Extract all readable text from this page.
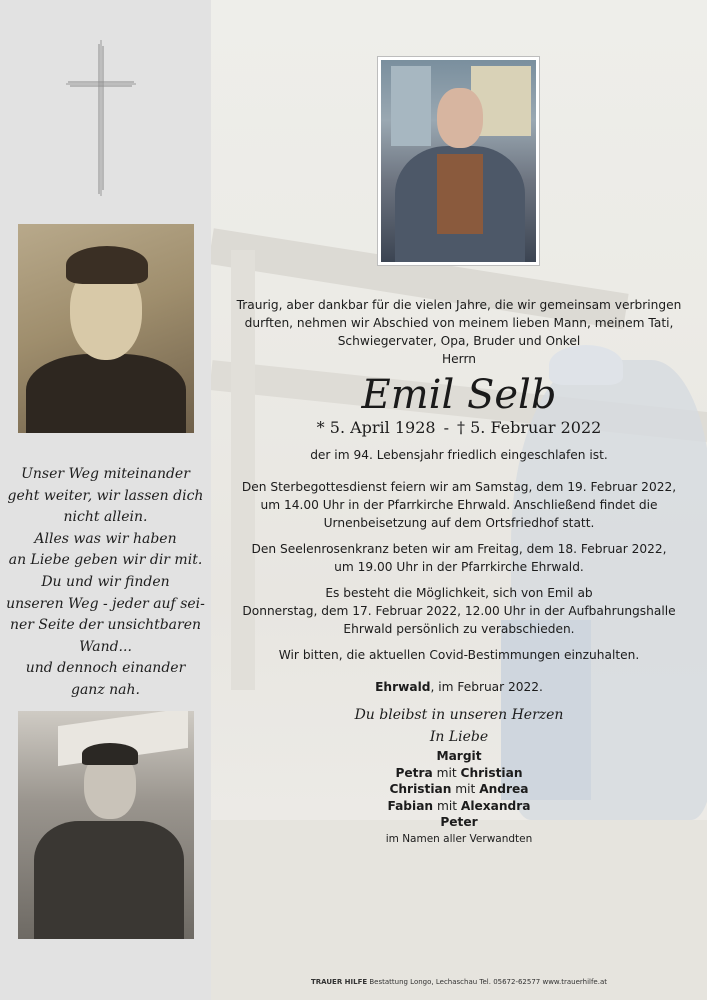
Unser Weg miteinander
geht weiter, wir lassen dich
nicht allein.
Alles was wir haben
an Liebe geben wir dir mit.
Du und wir finden
unseren Weg - jeder auf sei-
ner Seite der unsichtbaren
Wand...
und dennoch einander
ganz nah.
Traurig, aber dankbar für die vielen Jahre, die wir gemeinsam verbringen
durften, nehmen wir Abschied von meinem lieben Mann, meinem Tati,
Schwiegervater, Opa, Bruder und Onkel
Herrn
Emil Selb
* 5. April 1928 - † 5. Februar 2022
der im 94. Lebensjahr friedlich eingeschlafen ist.
Den Sterbegottesdienst feiern wir am Samstag, dem 19. Februar 2022,
um 14.00 Uhr in der Pfarrkirche Ehrwald. Anschließend findet die
Urnenbeisetzung auf dem Ortsfriedhof statt.
Den Seelenrosenkranz beten wir am Freitag, dem 18. Februar 2022,
um 19.00 Uhr in der Pfarrkirche Ehrwald.
Es besteht die Möglichkeit, sich von Emil ab
Donnerstag, dem 17. Februar 2022, 12.00 Uhr in der Aufbahrungshalle
Ehrwald persönlich zu verabschieden.
Wir bitten, die aktuellen Covid-Bestimmungen einzuhalten.
Ehrwald, im Februar 2022.
Du bleibst in unseren Herzen
In Liebe
Margit
Petra mit Christian
Christian mit Andrea
Fabian mit Alexandra
Peter
im Namen aller Verwandten
TRAUER HILFE Bestattung Longo, Lechaschau Tel. 05672-62577 www.trauerhilfe.at
